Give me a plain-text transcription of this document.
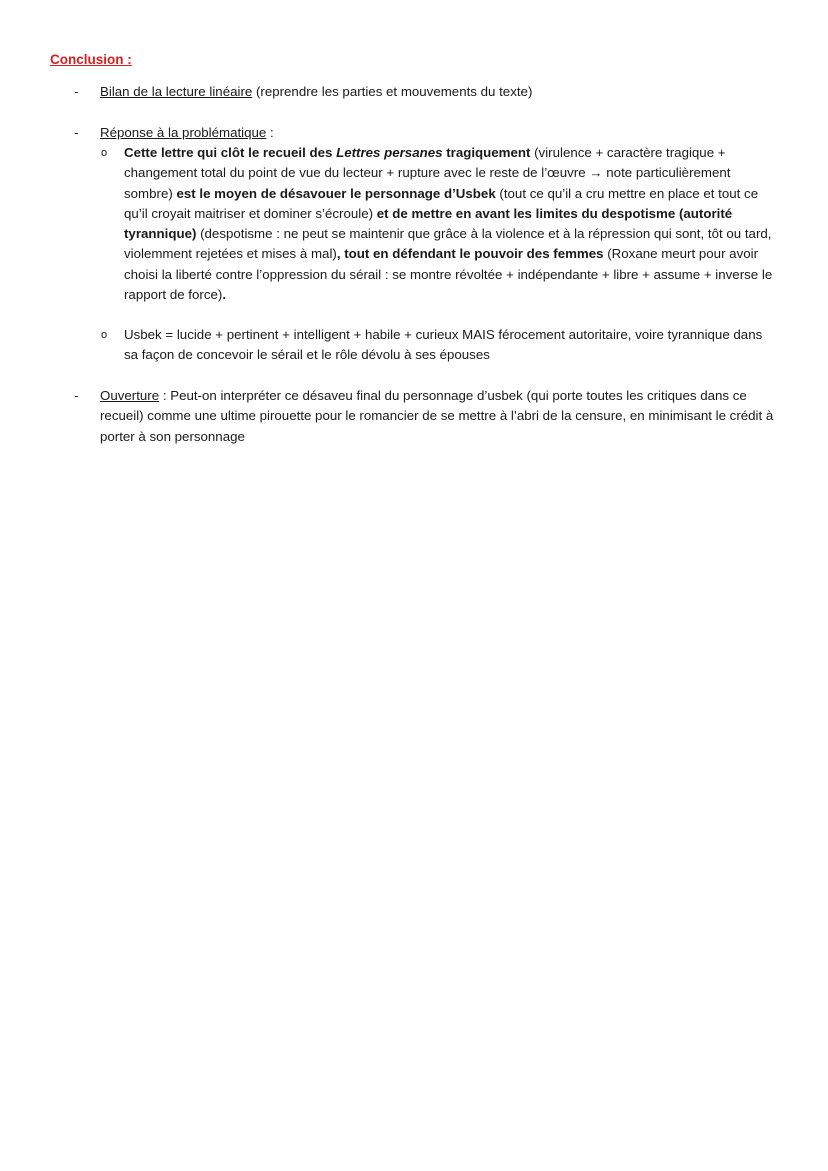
Conclusion :
-	Bilan de la lecture linéaire (reprendre les parties et mouvements du texte)
-	Réponse à la problématique :
o Cette lettre qui clôt le recueil des Lettres persanes tragiquement (virulence + caractère tragique + changement total du point de vue du lecteur + rupture avec le reste de l’œuvre → note particulièrement sombre) est le moyen de désavouer le personnage d’Usbek (tout ce qu’il a cru mettre en place et tout ce qu’il croyait maitriser et dominer s’écroule) et de mettre en avant les limites du despotisme (autorité tyrannique) (despotisme : ne peut se maintenir que grâce à la violence et à la répression qui sont, tôt ou tard, violemment rejetées et mises à mal), tout en défendant le pouvoir des femmes (Roxane meurt pour avoir choisi la liberté contre l’oppression du sérail : se montre révoltée + indépendante + libre + assume + inverse le rapport de force).
o Usbek = lucide + pertinent + intelligent + habile + curieux MAIS férocement autoritaire, voire tyrannique dans sa façon de concevoir le sérail et le rôle dévolu à ses épouses
-	Ouverture : Peut-on interpréter ce désaveu final du personnage d’usbek (qui porte toutes les critiques dans ce recueil) comme une ultime pirouette pour le romancier de se mettre à l’abri de la censure, en minimisant le crédit à porter à son personnage
